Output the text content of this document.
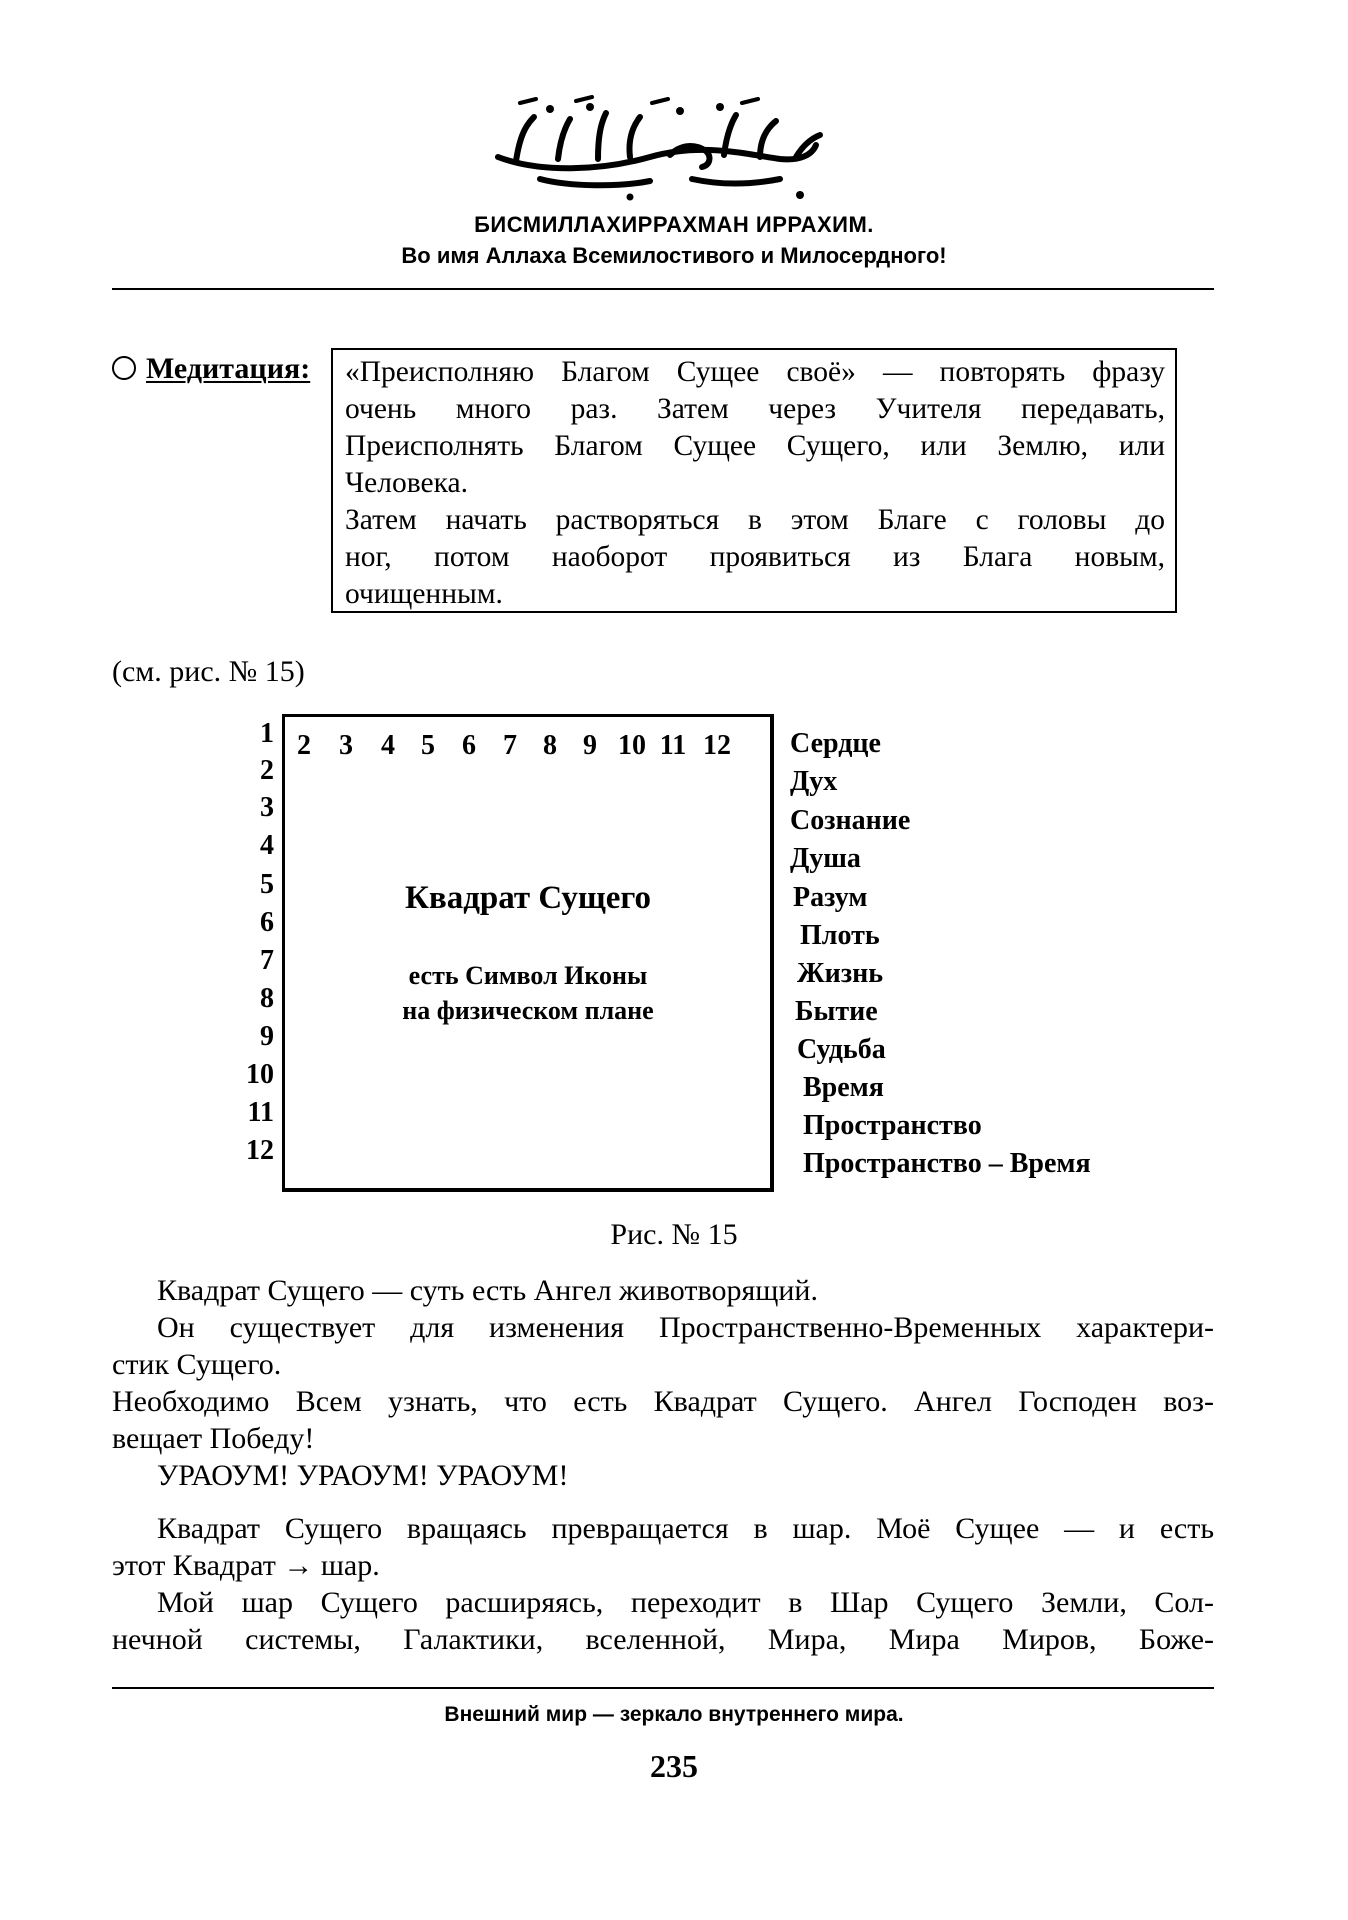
БИСМИЛЛАХИРРАХМАН ИРРАХИМ.
Во имя Аллаха Всемилостивого и Милосердного!
Медитация: «Преисполняю Благом Сущее своё» — повторять фразу

очень много раз. Затем через Учителя передавать,

Преисполнять Благом Сущее Сущего, или Землю, или

Человека.

Затем начать растворяться в этом Благе с головы до

ног, потом наоборот проявиться из Блага новым,

очищенным.

(см. рис. № 15)
1
2
3
4
5
6
7
8
9
10
11
12
2 3 4 5 6 7 8 9 10 11 12
Квадрат Сущего
есть Символ Иконы
на физическом плане
Сердце
Дух
Сознание
Душа
Разум
Плоть
Жизнь
Бытие
Судьба
Время
Пространство
Пространство – Время
Рис. № 15

Квадрат Сущего — суть есть Ангел животворящий.

Он существует для изменения Пространственно-Временных характери-

стик Сущего.

Необходимо Всем узнать, что есть Квадрат Сущего. Ангел Господен воз-

вещает Победу!

УРАОУМ! УРАОУМ! УРАОУМ!

Квадрат Сущего вращаясь превращается в шар. Моё Сущее — и есть

этот Квадрат → шар.

Мой шар Сущего расширяясь, переходит в Шар Сущего Земли, Сол-

нечной системы, Галактики, вселенной, Мира, Мира Миров, Боже-

Внешний мир — зеркало внутреннего мира.
235
